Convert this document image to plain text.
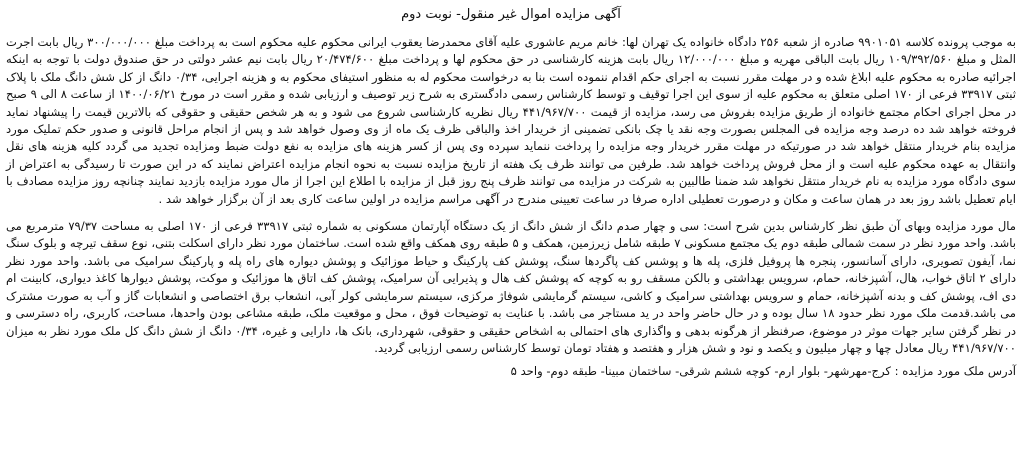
آگهی مزایده اموال غیر منقول- نوبت دوم

به موجب پرونده کلاسه ۹۹۰۱۰۵۱ صادره از شعبه ۲۵۶ دادگاه خانواده یک تهران لها: خانم مریم عاشوری علیه آقای محمدرضا یعقوب ایرانی محکوم علیه محکوم است به پرداخت مبلغ ۳۰۰/۰۰۰/۰۰۰ ریال بابت اجرت المثل و مبلغ ۱۰۹/۳۹۲/۵۶۰ ریال بابت الباقی مهریه و مبلغ ۱۲/۰۰۰/۰۰۰ ریال بابت هزینه کارشناسی در حق محکوم لها و پرداخت مبلغ ۲۰/۴۷۴/۶۰۰ ریال بابت نیم عشر دولتی در حق صندوق دولت با توجه به اینکه اجرائیه صادره به محکوم علیه ابلاغ شده و در مهلت مقرر نسبت به اجرای حکم اقدام ننموده است بنا به درخواست محکوم له به منظور استیفای محکوم به و هزینه اجرایی، ۰/۳۴ دانگ از کل شش دانگ ملک با پلاک ثبتی ۳۳۹۱۷ فرعی از ۱۷۰ اصلی متعلق به محکوم علیه از سوی این اجرا توقیف و توسط کارشناس رسمی دادگستری به شرح زیر توصیف و ارزیابی شده و مقرر است در مورخ ۱۴۰۰/۰۶/۲۱ از ساعت ۸ الی ۹ صبح در محل اجرای احکام مجتمع خانواده از طریق مزایده بفروش می رسد، مزایده از قیمت ۴۴۱/۹۶۷/۷۰۰ ریال نظریه کارشناسی شروع می شود و به هر شخص حقیقی و حقوقی که بالاترین قیمت را پیشنهاد نماید فروخته خواهد شد ده درصد وجه مزایده فی المجلس بصورت وجه نقد یا چک بانکی تضمینی از خریدار اخذ والباقی ظرف یک ماه از وی وصول خواهد شد و پس از انجام مراحل قانونی و صدور حکم تملیک مورد مزایده بنام خریدار منتقل خواهد شد در صورتیکه در مهلت مقرر خریدار وجه مزایده را پرداخت ننماید سپرده وی پس از کسر هزینه های مزایده به نفع دولت ضبط ومزایده تجدید می گردد کلیه هزینه های نقل وانتقال به عهده محکوم علیه است و از محل فروش پرداخت خواهد شد. طرفین می توانند ظرف یک هفته از تاریخ مزایده نسبت به نحوه انجام مزایده اعتراض نمایند که در این صورت تا رسیدگی به اعتراض از سوی دادگاه مورد مزایده به نام خریدار منتقل نخواهد شد ضمنا طالبین به شرکت در مزایده می توانند ظرف پنج روز قبل از مزایده با اطلاع این اجرا از مال مورد مزایده بازدید نمایند چنانچه روز مزایده مصادف با ایام تعطیل باشد روز بعد در همان ساعت و مکان و درصورت تعطیلی اداره صرفا در ساعت تعیینی مندرج در آگهی مراسم مزایده در اولین ساعت کاری بعد از آن برگزار خواهد شد .

مال مورد مزایده وبهای آن طبق نظر کارشناس بدین شرح است: سی و چهار صدم دانگ از شش دانگ از یک دستگاه آپارتمان مسکونی به شماره ثبتی ۳۳۹۱۷ فرعی از ۱۷۰ اصلی به مساحت ۷۹/۳۷ مترمربع می باشد. واحد مورد نظر در سمت شمالی طبقه دوم یک مجتمع مسکونی ۷ طبقه شامل زیرزمین، همکف و ۵ طبقه روی همکف واقع شده است. ساختمان مورد نظر دارای اسکلت بتنی، نوع سقف تیرچه و بلوک سنگ نما، آیفون تصویری، دارای آسانسور، پنجره ها پروفیل فلزی، پله ها و پوشس کف پاگردها سنگ، پوشش کف پارکینگ و حیاط موزائیک و پوشش دیواره های راه پله و پارکینگ سرامیک می باشد. واحد مورد نظر دارای ۲ اتاق خواب، هال، آشپزخانه، حمام، سرویس بهداشتی و بالکن مسقف رو به کوچه که پوشش کف هال و پذیرایی آن سرامیک، پوشش کف اتاق ها موزائیک و موکت، پوشش دیوارها کاغذ دیواری، کابینت ام دی اف، پوشش کف و بدنه آشپزخانه، حمام و سرویس بهداشتی سرامیک و کاشی، سیستم گرمایشی شوفاژ مرکزی، سیستم سرمایشی کولر آبی، انشعاب برق اختصاصی و انشعابات گاز و آب به صورت مشترک می باشد.قدمت ملک مورد نظر حدود ۱۸ سال بوده و در حال حاضر واحد در ید مستاجر می باشد. با عنایت به توضیحات فوق ، محل و موقعیت ملک، طبقه مشاعی بودن واحدها، مساحت، کاربری، راه دسترسی و در نظر گرفتن سایر جهات موثر در موضوع، صرفنظر از هرگونه بدهی و واگذاری های احتمالی به اشخاص حقیقی و حقوقی، شهرداری، بانک ها، دارایی و غیره، ۰/۳۴ دانگ از شش دانگ کل ملک مورد نظر به میزان ۴۴۱/۹۶۷/۷۰۰ ریال معادل چها و چهار میلیون و یکصد و نود و شش هزار و هفتصد و هفتاد تومان توسط کارشناس رسمی ارزیابی گردید.

آدرس ملک مورد مزایده : کرج-مهرشهر- بلوار ارم- کوچه ششم شرقی- ساختمان مبینا- طبقه دوم- واحد ۵
